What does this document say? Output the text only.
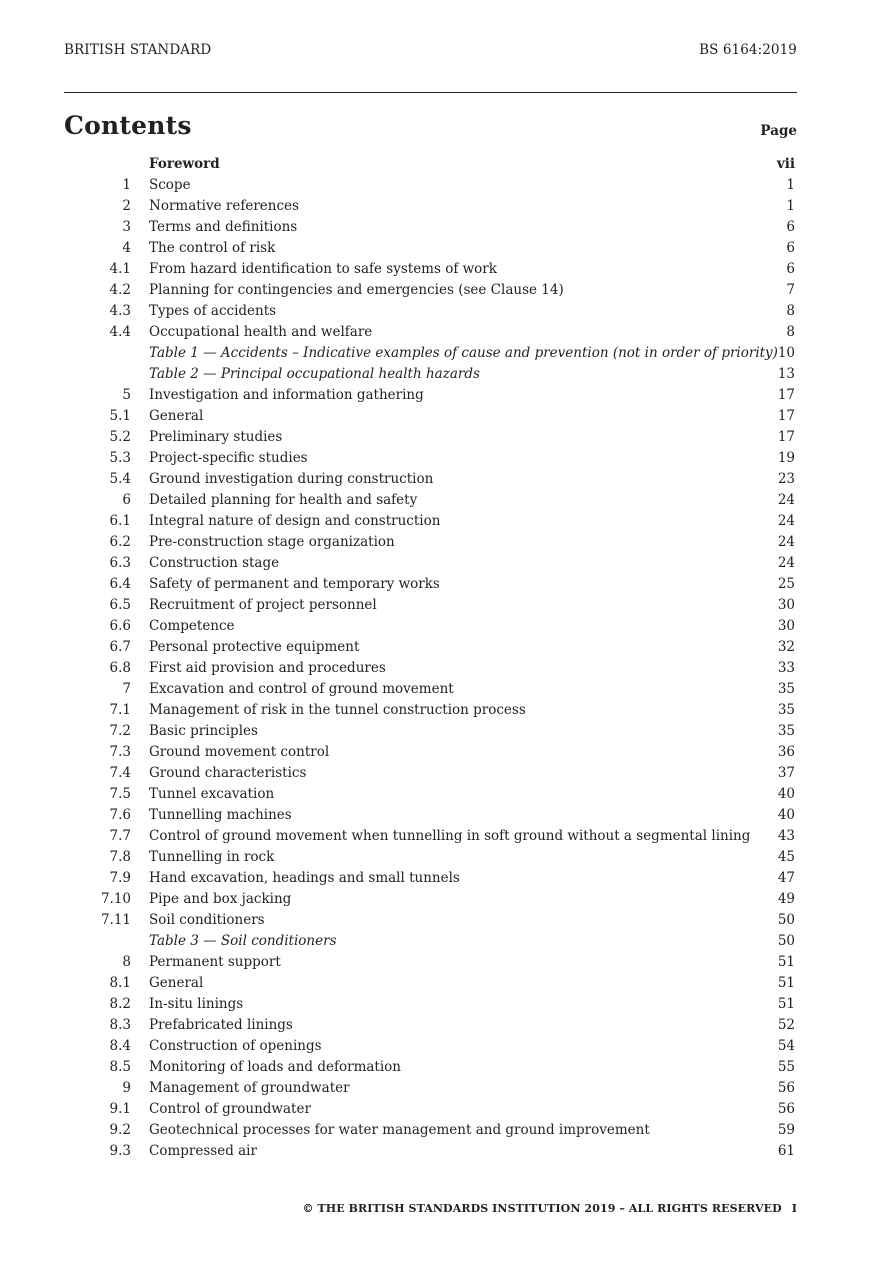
BRITISH STANDARD	BS 6164:2019
Contents	Page
Foreword	vii
1 Scope	1
2 Normative references	1
3 Terms and definitions	6
4 The control of risk	6
4.1 From hazard identification to safe systems of work	6
4.2 Planning for contingencies and emergencies (see Clause 14)	7
4.3 Types of accidents	8
4.4 Occupational health and welfare	8
Table 1 — Accidents – Indicative examples of cause and prevention (not in order of priority) 10
Table 2 — Principal occupational health hazards	13
5 Investigation and information gathering	17
5.1 General	17
5.2 Preliminary studies	17
5.3 Project-specific studies	19
5.4 Ground investigation during construction	23
6 Detailed planning for health and safety	24
6.1 Integral nature of design and construction	24
6.2 Pre-construction stage organization	24
6.3 Construction stage	24
6.4 Safety of permanent and temporary works	25
6.5 Recruitment of project personnel	30
6.6 Competence	30
6.7 Personal protective equipment	32
6.8 First aid provision and procedures	33
7 Excavation and control of ground movement	35
7.1 Management of risk in the tunnel construction process	35
7.2 Basic principles	35
7.3 Ground movement control	36
7.4 Ground characteristics	37
7.5 Tunnel excavation	40
7.6 Tunnelling machines	40
7.7 Control of ground movement when tunnelling in soft ground without a segmental lining 43
7.8 Tunnelling in rock	45
7.9 Hand excavation, headings and small tunnels	47
7.10 Pipe and box jacking	49
7.11 Soil conditioners	50
Table 3 — Soil conditioners	50
8 Permanent support	51
8.1 General	51
8.2 In-situ linings	51
8.3 Prefabricated linings	52
8.4 Construction of openings	54
8.5 Monitoring of loads and deformation	55
9 Management of groundwater	56
9.1 Control of groundwater	56
9.2 Geotechnical processes for water management and ground improvement	59
9.3 Compressed air	61
© THE BRITISH STANDARDS INSTITUTION 2019 – ALL RIGHTS RESERVED I
